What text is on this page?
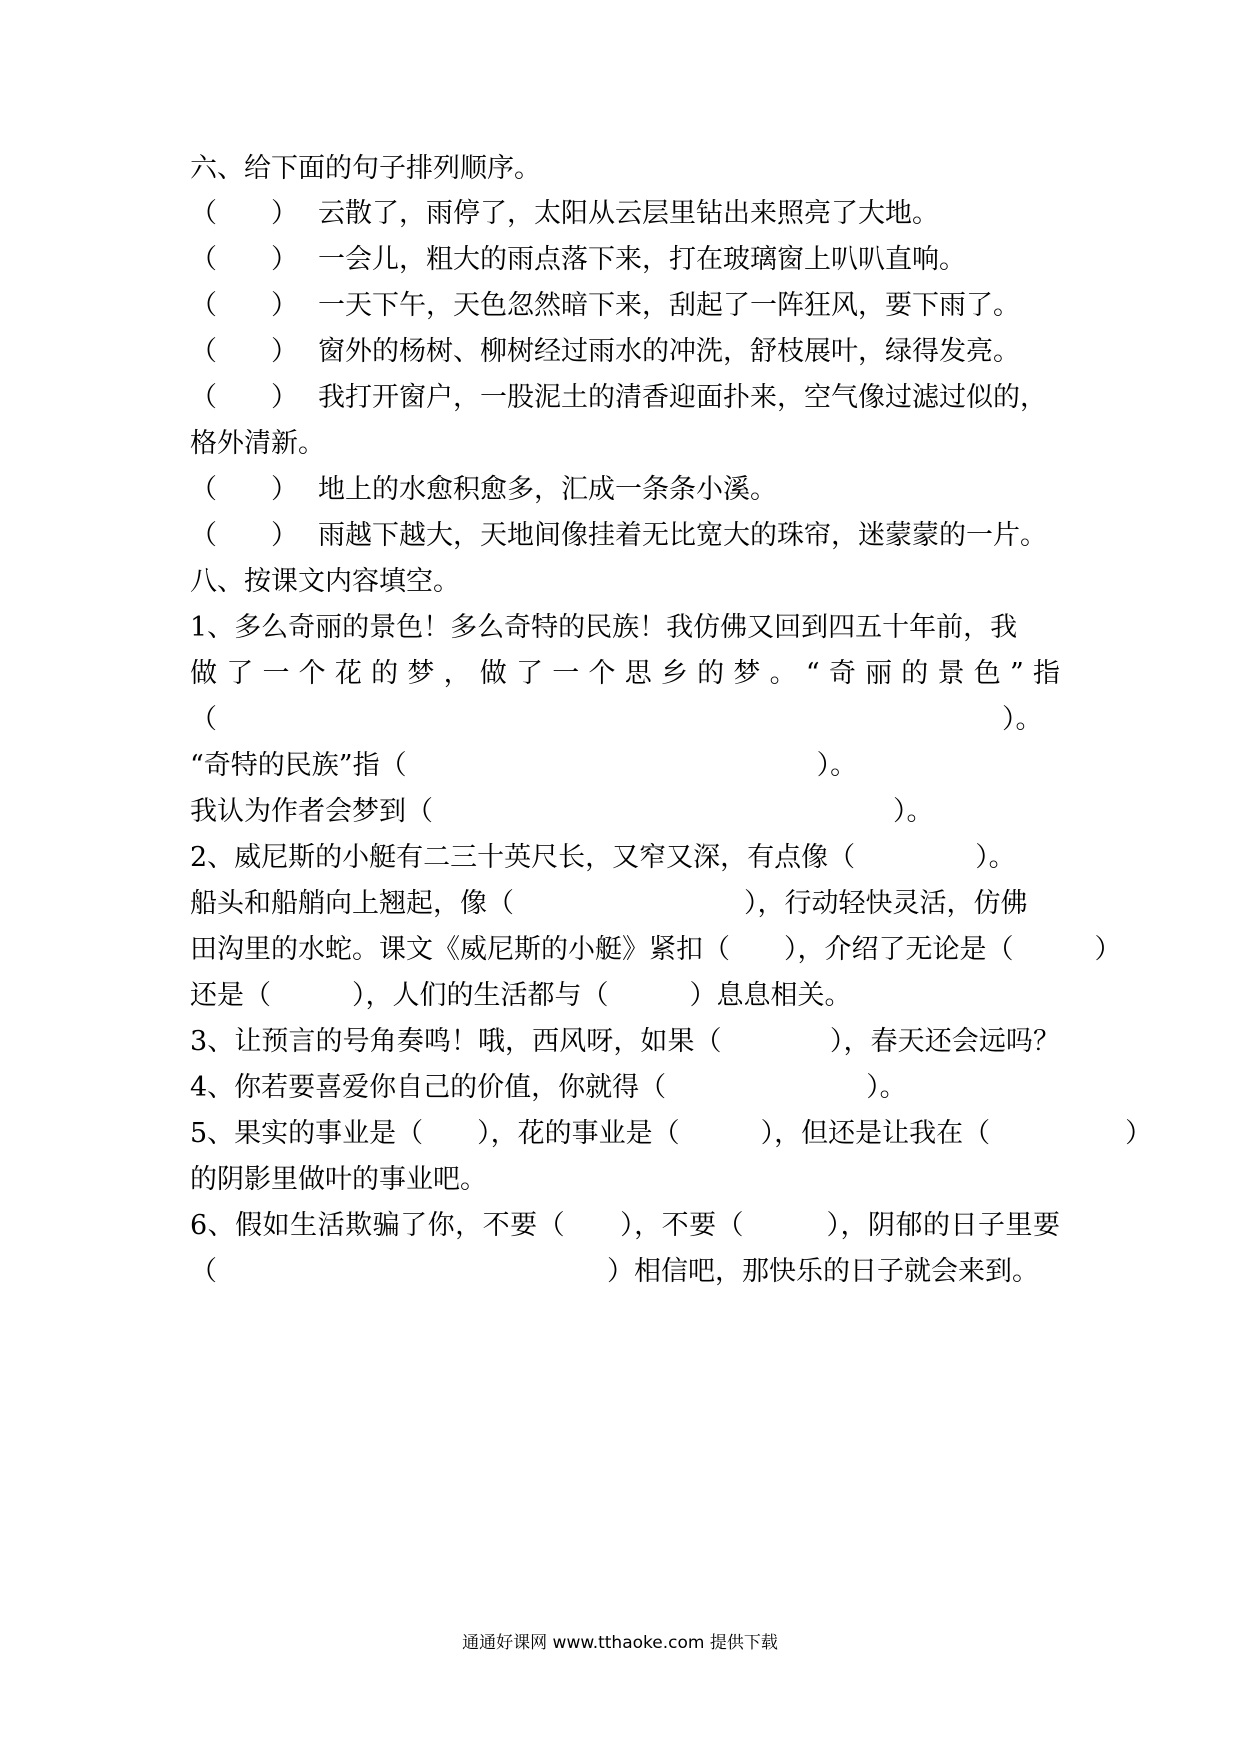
六、给下面的句子排列顺序。
（　　） 云散了，雨停了，太阳从云层里钻出来照亮了大地。
（　　） 一会儿，粗大的雨点落下来，打在玻璃窗上叭叭直响。
（　　） 一天下午，天色忽然暗下来，刮起了一阵狂风，要下雨了。
（　　） 窗外的杨树、柳树经过雨水的冲洗，舒枝展叶，绿得发亮。
（　　） 我打开窗户，一股泥土的清香迎面扑来，空气像过滤过似的，
格外清新。
（　　） 地上的水愈积愈多，汇成一条条小溪。
（　　） 雨越下越大，天地间像挂着无比宽大的珠帘，迷蒙蒙的一片。
八、按课文内容填空。
1、多么奇丽的景色！多么奇特的民族！我仿佛又回到四五十年前，我
做了一个花的梦，做了一个思乡的梦。“奇丽的景色”指
（	）。
“奇特的民族”指（	）。
我认为作者会梦到（	）。
2、威尼斯的小艇有二三十英尺长，又窄又深，有点像（	）。
船头和船艄向上翘起，像（	），行动轻快灵活，仿佛
田沟里的水蛇。课文《威尼斯的小艇》紧扣（　　），介绍了无论是（　　　）
还是（　　　），人们的生活都与（　　　）息息相关。
3、让预言的号角奏鸣！哦，西风呀，如果（　　　　），春天还会远吗？
4、你若要喜爱你自己的价值，你就得（	）。
5、果实的事业是（　　），花的事业是（　　　），但还是让我在（　　　　　）
的阴影里做叶的事业吧。
6、假如生活欺骗了你，不要（　　），不要（　　　），阴郁的日子里要
（	）相信吧，那快乐的日子就会来到。
通通好课网 www.tthaoke.com 提供下载
